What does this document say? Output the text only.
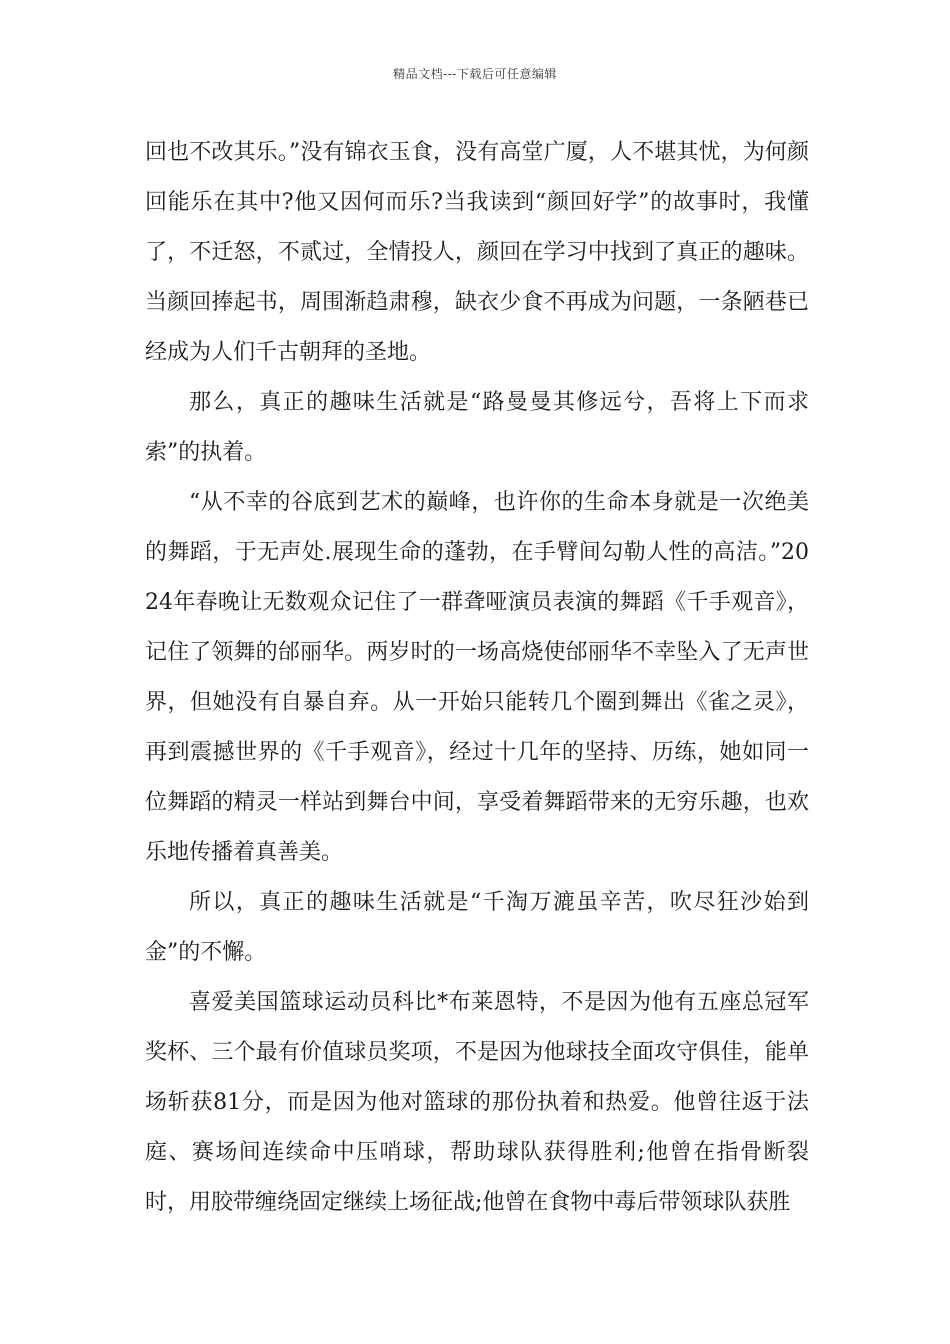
精品文档---下载后可任意编辑

回也不改其乐。”没有锦衣玉食，没有高堂广厦，人不堪其忧，为何颜回能乐在其中?他又因何而乐?当我读到“颜回好学”的故事时，我懂了，不迁怒，不贰过，全情投人，颜回在学习中找到了真正的趣味。当颜回捧起书，周围渐趋肃穆，缺衣少食不再成为问题，一条陋巷已经成为人们千古朝拜的圣地。

那么，真正的趣味生活就是“路曼曼其修远兮，吾将上下而求索”的执着。

“从不幸的谷底到艺术的巅峰，也许你的生命本身就是一次绝美的舞蹈，于无声处.展现生命的蓬勃，在手臂间勾勒人性的高洁。”2024年春晚让无数观众记住了一群聋哑演员表演的舞蹈《千手观音》，记住了领舞的邰丽华。两岁时的一场高烧使邰丽华不幸坠入了无声世界，但她没有自暴自弃。从一开始只能转几个圈到舞出《雀之灵》，再到震撼世界的《千手观音》，经过十几年的坚持、历练，她如同一位舞蹈的精灵一样站到舞台中间，享受着舞蹈带来的无穷乐趣，也欢乐地传播着真善美。

所以，真正的趣味生活就是“千淘万漉虽辛苦，吹尽狂沙始到金”的不懈。

喜爱美国篮球运动员科比*布莱恩特，不是因为他有五座总冠军奖杯、三个最有价值球员奖项，不是因为他球技全面攻守俱佳，能单场斩获81分，而是因为他对篮球的那份执着和热爱。他曾往返于法庭、赛场间连续命中压哨球，帮助球队获得胜利;他曾在指骨断裂时，用胶带缠绕固定继续上场征战;他曾在食物中毒后带领球队获胜
